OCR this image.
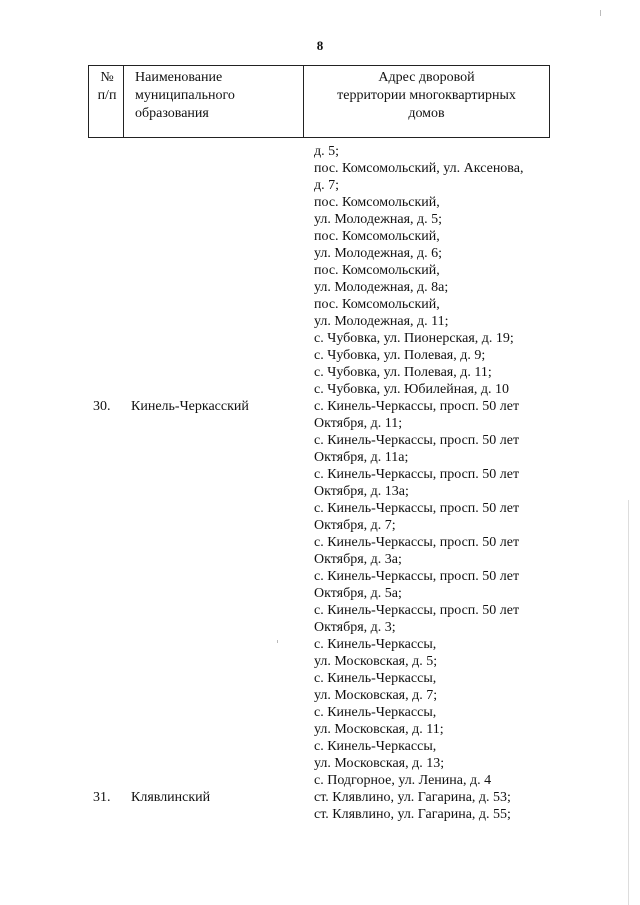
8
№
п/п
Наименование
муниципального
образования
Адрес дворовой
территории многоквартирных
домов
д. 5;
пос. Комсомольский, ул. Аксенова,
д. 7;
пос. Комсомольский,
ул. Молодежная, д. 5;
пос. Комсомольский,
ул. Молодежная, д. 6;
пос. Комсомольский,
ул. Молодежная, д. 8а;
пос. Комсомольский,
ул. Молодежная, д. 11;
с. Чубовка, ул. Пионерская, д. 19;
с. Чубовка, ул. Полевая, д. 9;
с. Чубовка, ул. Полевая, д. 11;
с. Чубовка, ул. Юбилейная, д. 10
30. Кинель-Черкасский	с. Кинель-Черкассы, просп. 50 лет
Октября, д. 11;
с. Кинель-Черкассы, просп. 50 лет
Октября, д. 11а;
с. Кинель-Черкассы, просп. 50 лет
Октября, д. 13а;
с. Кинель-Черкассы, просп. 50 лет
Октября, д. 7;
с. Кинель-Черкассы, просп. 50 лет
Октября, д. 3а;
с. Кинель-Черкассы, просп. 50 лет
Октября, д. 5а;
с. Кинель-Черкассы, просп. 50 лет
Октября, д. 3;
с. Кинель-Черкассы,
ул. Московская, д. 5;
с. Кинель-Черкассы,
ул. Московская, д. 7;
с. Кинель-Черкассы,
ул. Московская, д. 11;
с. Кинель-Черкассы,
ул. Московская, д. 13;
с. Подгорное, ул. Ленина, д. 4
31. Клявлинский	ст. Клявлино, ул. Гагарина, д. 53;
ст. Клявлино, ул. Гагарина, д. 55;
